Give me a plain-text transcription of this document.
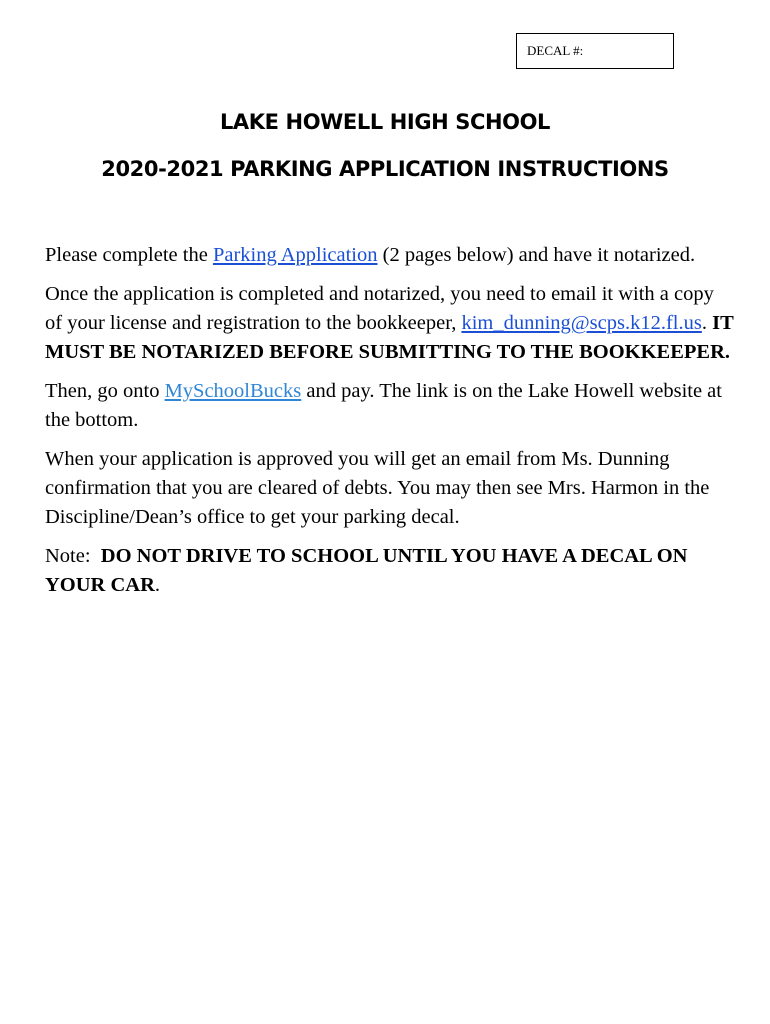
DECAL #:
LAKE HOWELL HIGH SCHOOL
2020-2021 PARKING APPLICATION INSTRUCTIONS

Please complete the Parking Application (2 pages below) and have it notarized.

Once the application is completed and notarized, you need to email it with a copy of your license and registration to the bookkeeper, kim_dunning@scps.k12.fl.us. IT MUST BE NOTARIZED BEFORE SUBMITTING TO THE BOOKKEEPER.

Then, go onto MySchoolBucks and pay. The link is on the Lake Howell website at the bottom.

When your application is approved you will get an email from Ms. Dunning confirmation that you are cleared of debts. You may then see Mrs. Harmon in the Discipline/Dean’s office to get your parking decal.

Note:  DO NOT DRIVE TO SCHOOL UNTIL YOU HAVE A DECAL ON YOUR CAR.
